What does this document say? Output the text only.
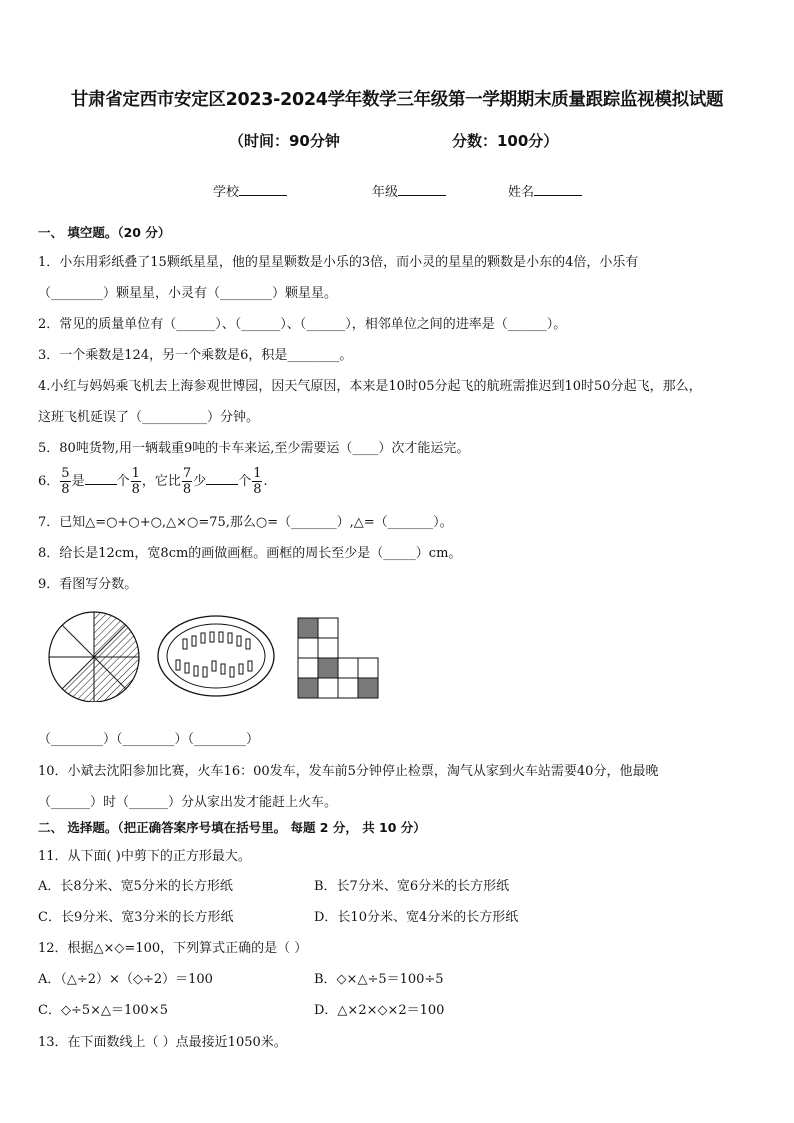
甘肃省定西市安定区2023-2024学年数学三年级第一学期期末质量跟踪监视模拟试题
（时间：90分钟	分数：100分）
学校	年级	姓名
一、 填空题。（20 分）
1．小东用彩纸叠了15颗纸星星，他的星星颗数是小乐的3倍，而小灵的星星的颗数是小东的4倍，小乐有
（________）颗星星，小灵有（________）颗星星。
2．常见的质量单位有（______）、（______）、（______），相邻单位之间的进率是（______）。
3．一个乘数是124，另一个乘数是6，积是________。
4.小红与妈妈乘飞机去上海参观世博园，因天气原因，本来是10时05分起飞的航班需推迟到10时50分起飞，那么，
这班飞机延误了（__________）分钟。
5．80吨货物,用一辆载重9吨的卡车来运,至少需要运（____）次才能运完。
6． $\frac{5}{8}$ 是 个 $\frac{1}{8}$ ，它比 $\frac{7}{8}$ 少 个 $\frac{1}{8}$ .
7．已知△=○+○+○,△×○=75,那么○=（_______）,△=（_______）。
8．给长是12cm，宽8cm的画做画框。画框的周长至少是（_____）cm。
9．看图写分数。
（________）（________）（________）
10．小斌去沈阳参加比赛，火车16：00发车，发车前5分钟停止检票，淘气从家到火车站需要40分，他最晚
（______）时（______）分从家出发才能赶上火车。
二、 选择题。（把正确答案序号填在括号里。 每题 2 分， 共 10 分）
11．从下面( )中剪下的正方形最大。
A．长8分米、宽5分米的长方形纸	B．长7分米、宽6分米的长方形纸
C．长9分米、宽3分米的长方形纸	D．长10分米、宽4分米的长方形纸
12．根据△×◇=100，下列算式正确的是（ ）
A．（△÷2）×（◇÷2）＝100	B．◇×△÷5＝100÷5
C．◇÷5×△＝100×5	D．△×2×◇×2＝100
13．在下面数线上（ ）点最接近1050米。
